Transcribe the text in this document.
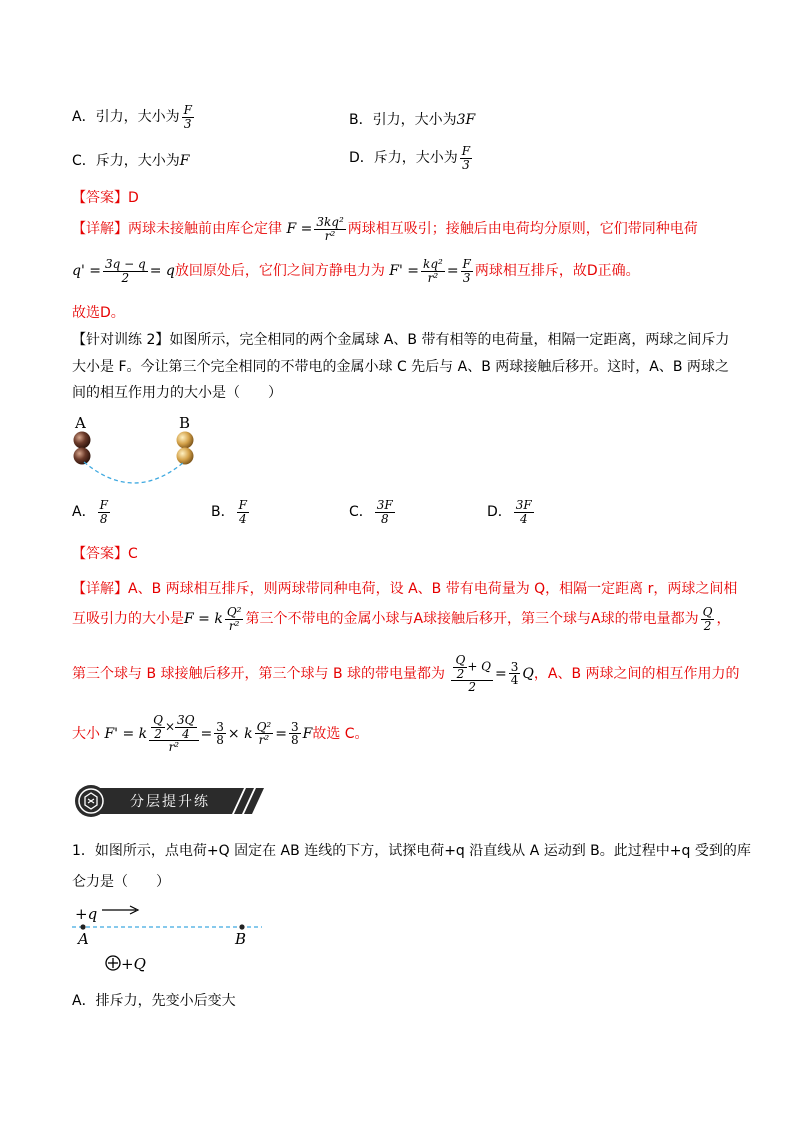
A．引力，大小为 $\frac{F}{3}$	B．引力，大小为3F
C．斥力，大小为F	D．斥力，大小为 $\frac{F}{3}$
【答案】D
【详解】两球未接触前由库仑定律 $F = \frac{\text{3kq²}}{\text{r²}}$ 两球相互吸引；接触后由电荷均分原则，它们带同种电荷
$q' = \frac{3q - q}{2} = q$放回原处后，它们之间方静电力为 $F' = \frac{\text{kq²}}{\text{r²}} = \frac{F}{3}$ 两球相互排斥，故D正确。
故选D。
【针对训练 2】如图所示，完全相同的两个金属球 A、B 带有相等的电荷量，相隔一定距离，两球之间斥力
大小是 F。今让第三个完全相同的不带电的金属小球 C 先后与 A、B 两球接触后移开。这时，A、B 两球之
间的相互作用力的大小是（　　）
A	B
A． $\frac{F}{8}$	B． $\frac{F}{4}$	C． $\frac{3F}{8}$	D． $\frac{3F}{4}$
【答案】C
【详解】A、B 两球相互排斥，则两球带同种电荷，设 A、B 带有电荷量为 Q，相隔一定距离 r，两球之间相
互吸引力的大小是F = k $\frac{\text{Q²}}{\text{r²}}$ 第三个不带电的金属小球与A球接触后移开，第三个球与A球的带电量都为 $\frac{Q}{2}$ ，
第三个球与 B 球接触后移开，第三个球与 B 球的带电量都为 $\frac{\frac{Q}{2} + Q}{2} = \frac{3}{4}$ Q，A、B 两球之间的相互作用力的
大小 F' = k $\frac{\frac{Q}{2} \times \frac{3Q}{4}}{\text{r²}} = \frac{3}{8} \times k \frac{\text{Q²}}{\text{r²}} = \frac{3}{8}$ F故选 C。
分层提升练
1．如图所示，点电荷+Q 固定在 AB 连线的下方，试探电荷+q 沿直线从 A 运动到 B。此过程中+q 受到的库
仑力是（　　）
+q
A	B
+Q
A．排斥力，先变小后变大
